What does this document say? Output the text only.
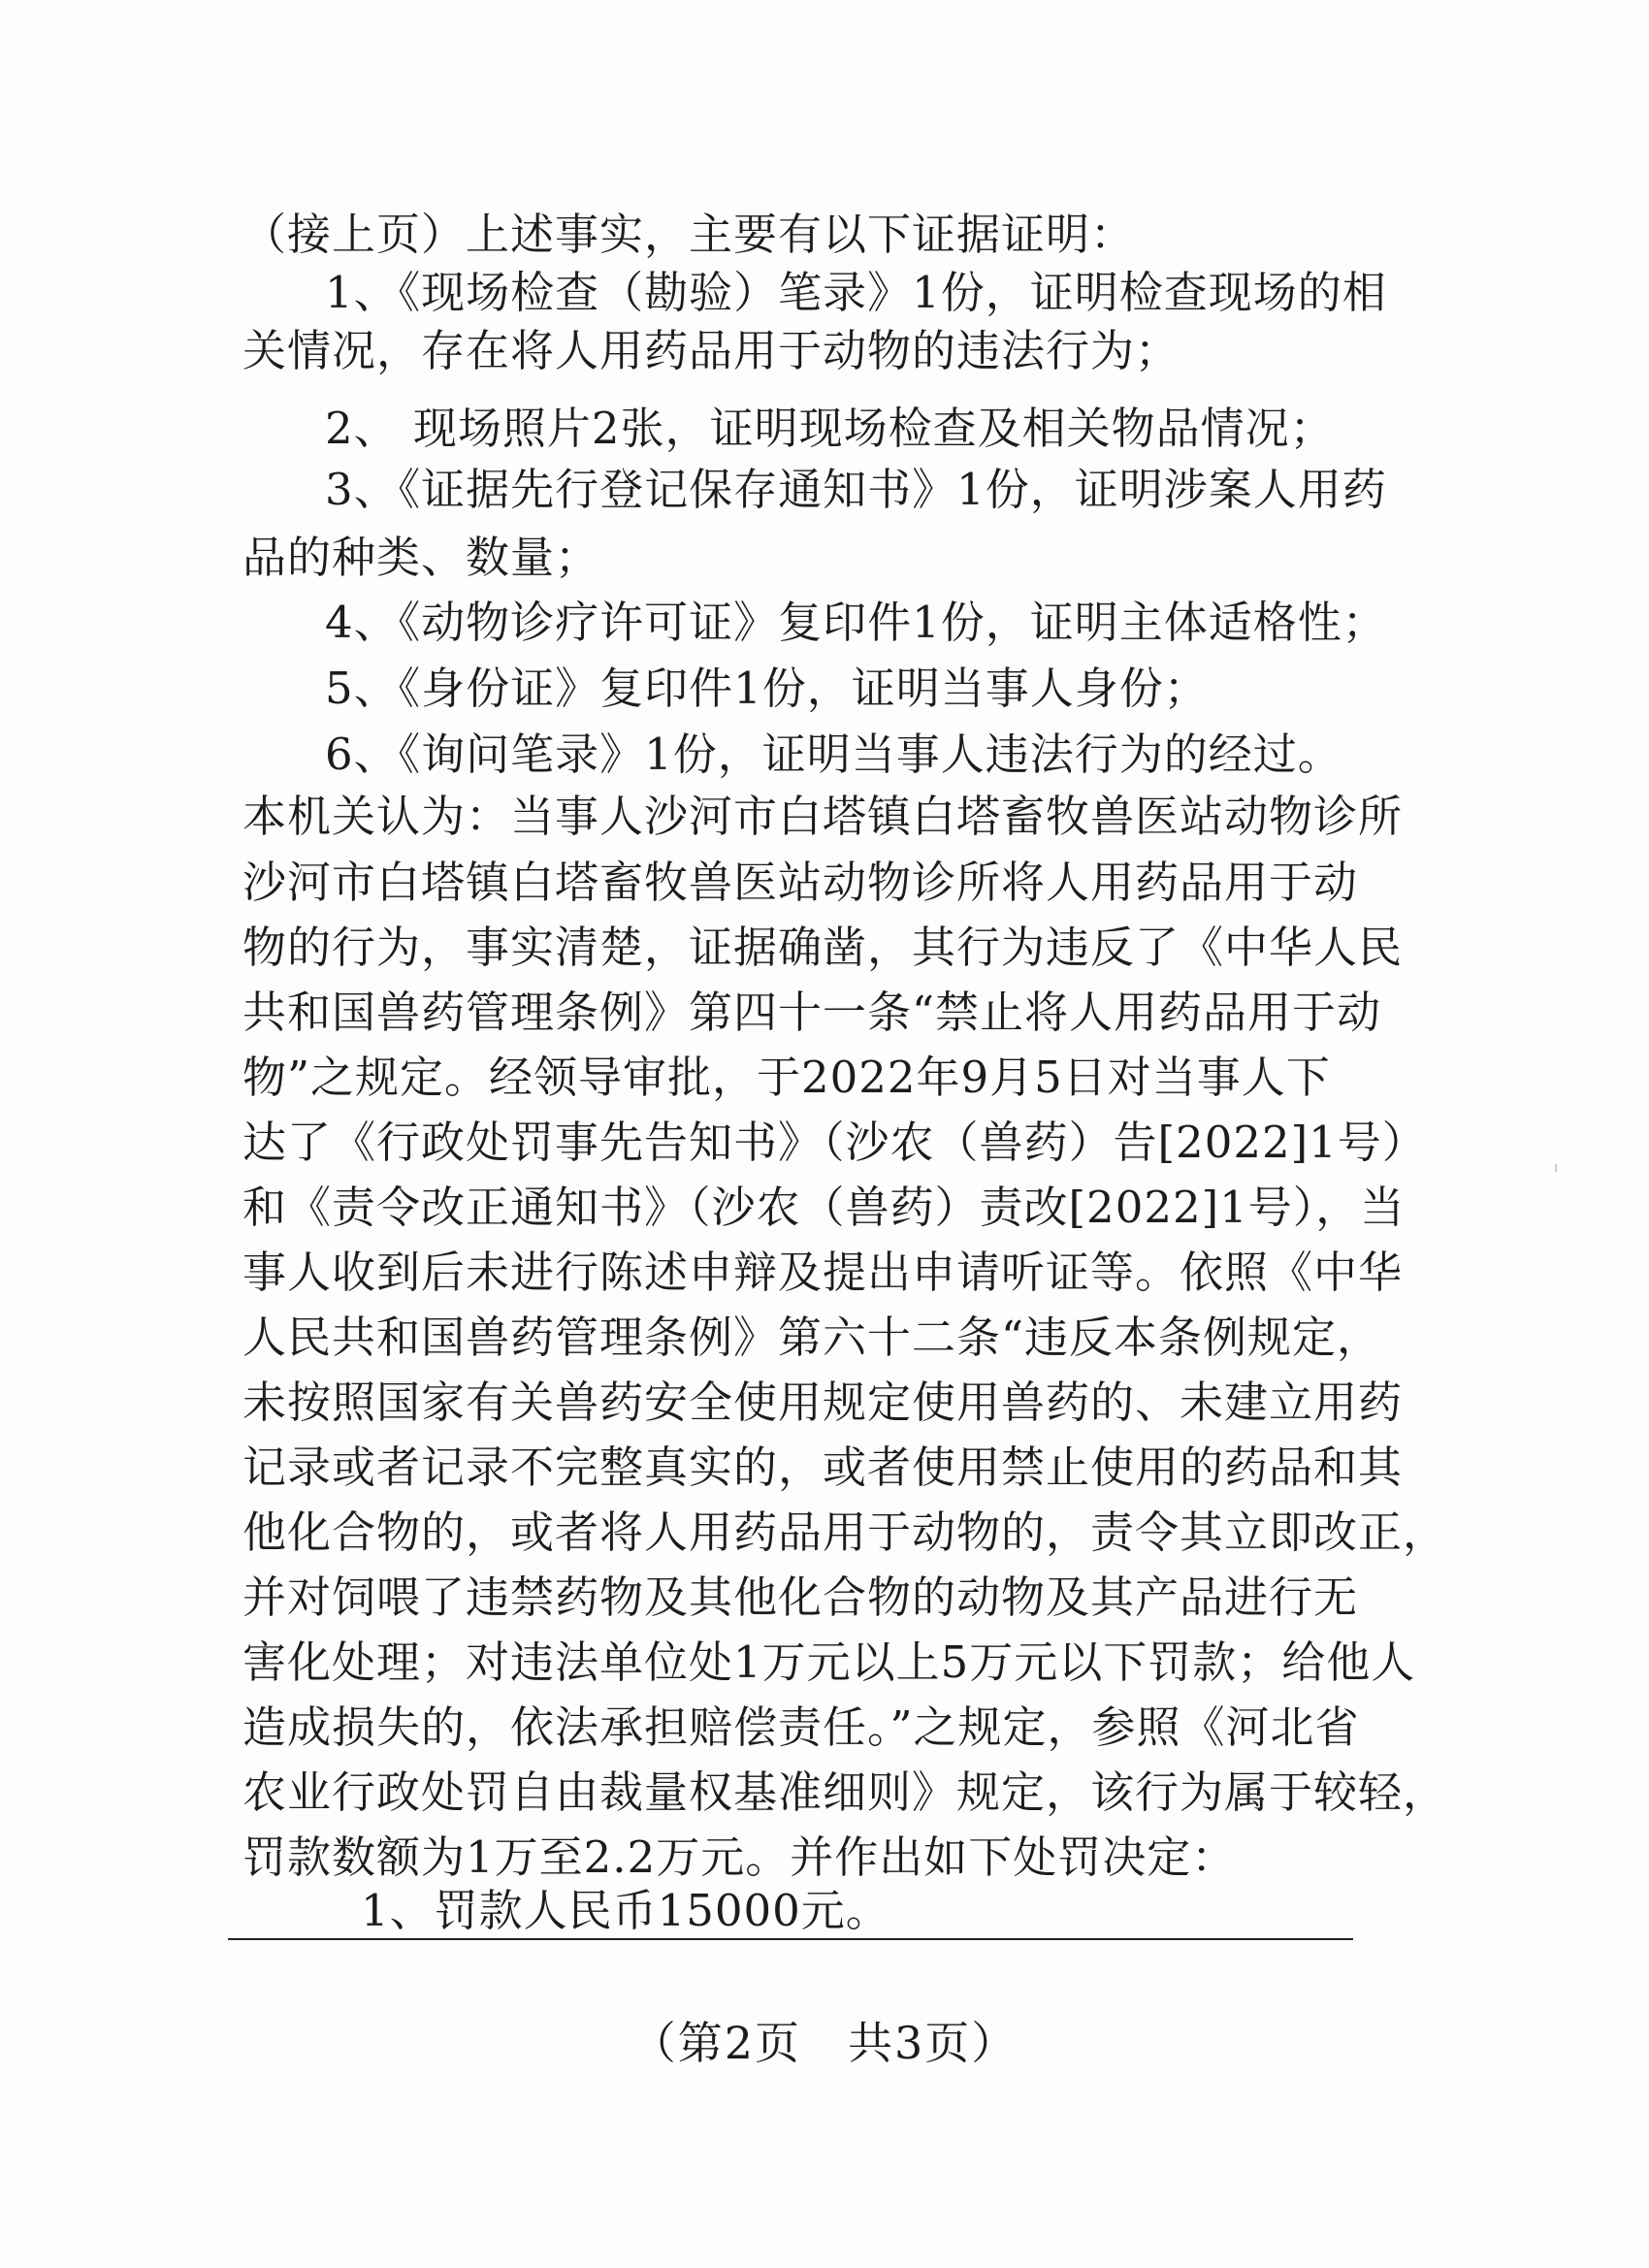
（接上页）上述事实，主要有以下证据证明：
1、《现场检查（勘验）笔录》1份，证明检查现场的相
关情况，存在将人用药品用于动物的违法行为；
2、 现场照片2张，证明现场检查及相关物品情况；
3、《证据先行登记保存通知书》1份，证明涉案人用药
品的种类、数量；
4、《动物诊疗许可证》复印件1份，证明主体适格性；
5、《身份证》复印件1份，证明当事人身份；
6、《询问笔录》1份，证明当事人违法行为的经过。
本机关认为：当事人沙河市白塔镇白塔畜牧兽医站动物诊所
沙河市白塔镇白塔畜牧兽医站动物诊所将人用药品用于动
物的行为，事实清楚，证据确凿，其行为违反了《中华人民
共和国兽药管理条例》第四十一条“禁止将人用药品用于动
物”之规定。经领导审批，于2022年9月5日对当事人下
达了《行政处罚事先告知书》（沙农（兽药）告[2022]1号）
和《责令改正通知书》（沙农（兽药）责改[2022]1号），当
事人收到后未进行陈述申辩及提出申请听证等。依照《中华
人民共和国兽药管理条例》第六十二条“违反本条例规定，
未按照国家有关兽药安全使用规定使用兽药的、未建立用药
记录或者记录不完整真实的，或者使用禁止使用的药品和其
他化合物的，或者将人用药品用于动物的，责令其立即改正，
并对饲喂了违禁药物及其他化合物的动物及其产品进行无
害化处理；对违法单位处1万元以上5万元以下罚款；给他人
造成损失的，依法承担赔偿责任。”之规定，参照《河北省
农业行政处罚自由裁量权基准细则》规定，该行为属于较轻，
罚款数额为1万至2.2万元。并作出如下处罚决定：
1、罚款人民币15000元。
（第2页　共3页）
